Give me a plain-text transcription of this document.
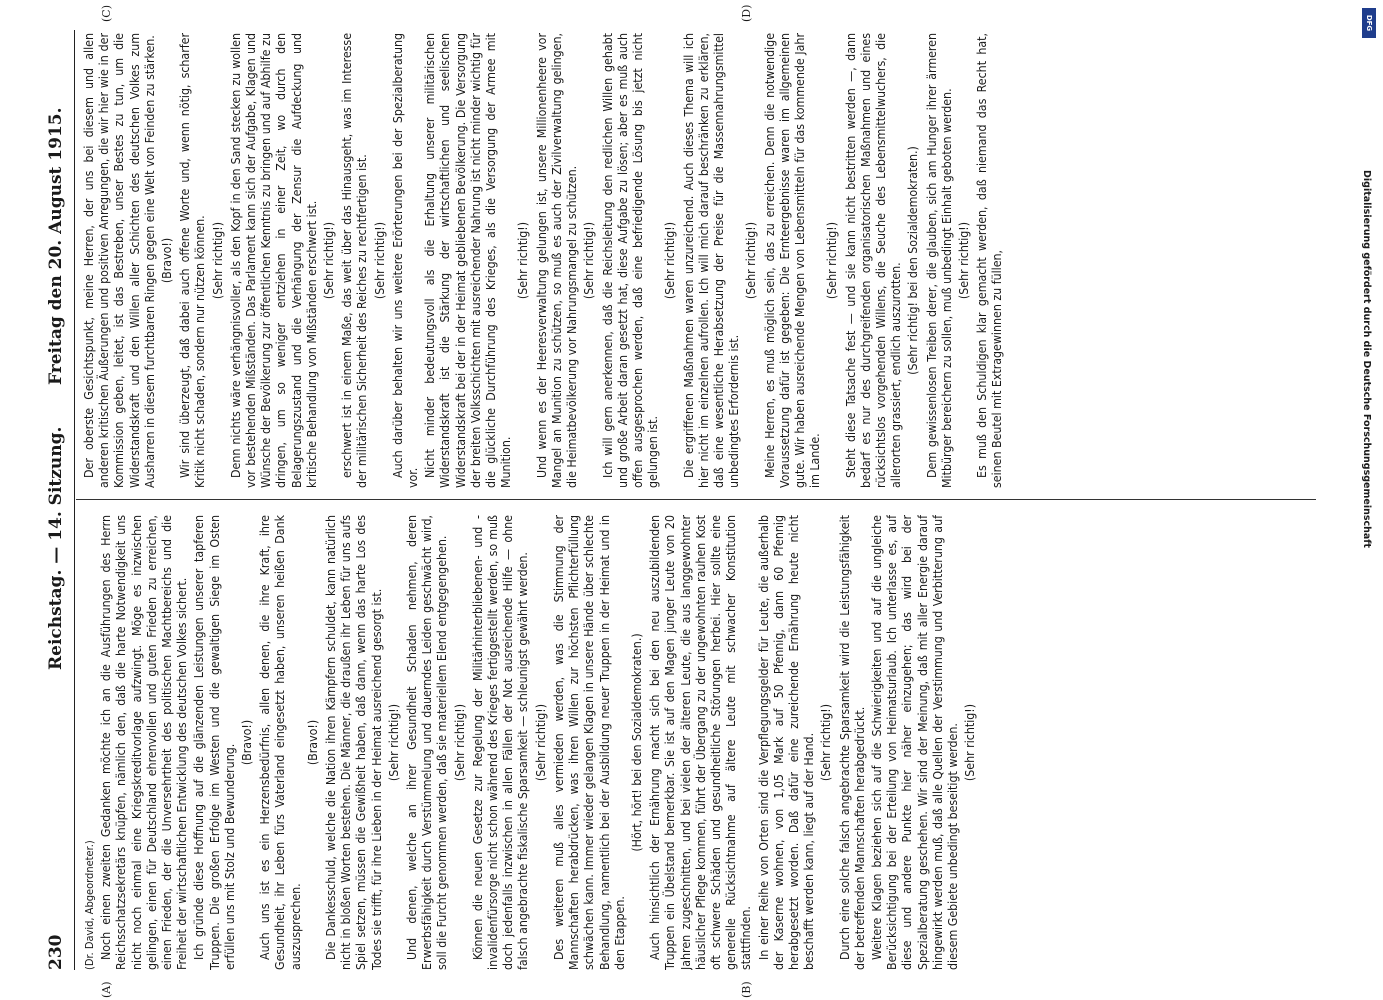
230
Reichstag. — 14. Sitzung.
Freitag den 20. August 1915.
(A)	(B)
(C)	(D)
(Dr. David, Abgeordneter.) Noch einen zweiten Gedanken möchte ich an die Ausführungen des Herrn Reichsschatzsekretärs knüpfen, nämlich den, daß die harte Notwendigkeit uns nicht noch einmal eine Kriegskreditvorlage aufzwingt. Möge es inzwischen gelingen, einen für Deutschland ehrenvollen und guten Frieden zu erreichen, einen Frieden, der die Unversehrtheit des politischen Machtbereichs und die Freiheit der wirtschaftlichen Entwicklung des deutschen Volkes sichert. Ich gründe diese Hoffnung auf die glänzenden Leistungen unserer tapferen Truppen. Die großen Erfolge im Westen und die gewaltigen Siege im Osten erfüllen uns mit Stolz und Bewunderung.

(Bravo!) Auch uns ist es ein Herzensbedürfnis, allen denen, die ihre Kraft, ihre Gesundheit, ihr Leben fürs Vaterland eingesetzt haben, unseren heißen Dank auszusprechen.

(Bravo!) Die Dankesschuld, welche die Nation ihren Kämpfern schuldet, kann natürlich nicht in bloßen Worten bestehen. Die Männer, die draußen ihr Leben für uns aufs Spiel setzen, müssen die Gewißheit haben, daß dann, wenn das harte Los des Todes sie trifft, für ihre Lieben in der Heimat ausreichend gesorgt ist. (Sehr richtig!) Und denen, welche an ihrer Gesundheit Schaden nehmen, deren Erwerbsfähigkeit durch Verstümmelung und dauerndes Leiden geschwächt wird, soll die Furcht genommen werden, daß sie materiellem Elend entgegengehen. (Sehr richtig!) Können die neuen Gesetze zur Regelung der Militärhinterbliebenen- und -invalidenfürsorge nicht schon während des Krieges fertiggestellt werden, so muß doch jedenfalls inzwischen in allen Fällen der Not ausreichende Hilfe — ohne falsch angebrachte fiskalische Sparsamkeit — schleunigst gewährt werden. (Sehr richtig!) Des weiteren muß alles vermieden werden, was die Stimmung der Mannschaften herabdrücken, was ihren Willen zur höchsten Pflichterfüllung schwächen kann. Immer wieder gelangen Klagen in unsere Hände über schlechte Behandlung, namentlich bei der Ausbildung neuer Truppen in der Heimat und in den Etappen.

(Hört, hört! bei den Sozialdemokraten.) Auch hinsichtlich der Ernährung macht sich bei den neu auszubildenden Truppen ein Übelstand bemerkbar. Sie ist auf den Magen junger Leute von 20 Jahren zugeschnitten, und bei vielen der älteren Leute, die aus langgewohnter häuslicher Pflege kommen, führt der Übergang zu der ungewohnten rauhen Kost oft schwere Schäden und gesundheitliche Störungen herbei. Hier sollte eine generelle Rücksichtnahme auf ältere Leute mit schwacher Konstitution stattfinden. In einer Reihe von Orten sind die Verpflegungsgelder für Leute, die außerhalb der Kaserne wohnen, von 1,05 Mark auf 50 Pfennig, dann 60 Pfennig herabgesetzt worden. Daß dafür eine zureichende Ernährung heute nicht beschafft werden kann, liegt auf der Hand. (Sehr richtig!) Durch eine solche falsch angebrachte Sparsamkeit wird die Leistungsfähigkeit der betreffenden Mannschaften herabgedrückt. Weitere Klagen beziehen sich auf die Schwierigkeiten und auf die ungleiche Berücksichtigung bei der Erteilung von Heimatsurlaub. Ich unterlasse es, auf diese und andere Punkte hier näher einzugehen; das wird bei der Spezialberatung geschehen. Wir sind der Meinung, daß mit aller Energie darauf hingewirkt werden muß, daß alle Quellen der Verstimmung und Verbitterung auf diesem Gebiete unbedingt beseitigt werden. (Sehr richtig!)

Der oberste Gesichtspunkt, meine Herren, der uns bei diesem und allen anderen kritischen Äußerungen und positiven Anregungen, die wir hier wie in der Kommission geben, leitet, ist das Bestreben, unser Bestes zu tun, um die Widerstandskraft und den Willen aller Schichten des deutschen Volkes zum Ausharren in diesem furchtbaren Ringen gegen eine Welt von Feinden zu stärken. (Bravo!) Wir sind überzeugt, daß dabei auch offene Worte und, wenn nötig, scharfer Kritik nicht schaden, sondern nur nützen können. (Sehr richtig!) Denn nichts wäre verhängnisvoller, als den Kopf in den Sand stecken zu wollen vor bestehenden Mißständen. Das Parlament kann sich der Aufgabe, Klagen und Wünsche der Bevölkerung zur öffentlichen Kenntnis zu bringen und auf Abhilfe zu dringen, um so weniger entziehen in einer Zeit, wo durch den Belagerungszustand und die Verhängung der Zensur die Aufdeckung und kritische Behandlung von Mißständen erschwert ist. (Sehr richtig!) erschwert ist in einem Maße, das weit über das Hinausgeht, was im Interesse der militärischen Sicherheit des Reiches zu rechtfertigen ist. (Sehr richtig!) Auch darüber behalten wir uns weitere Erörterungen bei der Spezialberatung vor. Nicht minder bedeutungsvoll als die Erhaltung unserer militärischen Widerstandskraft ist die Stärkung der wirtschaftlichen und seelischen Widerstandskraft bei der in der Heimat gebliebenen Bevölkerung. Die Versorgung der breiten Volksschichten mit ausreichender Nahrung ist nicht minder wichtig für die glückliche Durchführung des Krieges, als die Versorgung der Armee mit Munition.

(Sehr richtig!) Und wenn es der Heeresverwaltung gelungen ist, unsere Millionenheere vor Mangel an Munition zu schützen, so muß es auch der Zivilverwaltung gelingen, die Heimatbevölkerung vor Nahrungsmangel zu schützen. (Sehr richtig!) Ich will gern anerkennen, daß die Reichsleitung den redlichen Willen gehabt und große Arbeit daran gesetzt hat, diese Aufgabe zu lösen; aber es muß auch offen ausgesprochen werden, daß eine befriedigende Lösung bis jetzt nicht gelungen ist.

(Sehr richtig!) Die ergriffenen Maßnahmen waren unzureichend. Auch dieses Thema will ich hier nicht im einzelnen aufrollen. Ich will mich darauf beschränken zu erklären, daß eine wesentliche Herabsetzung der Preise für die Massennahrungsmittel unbedingtes Erfordernis ist.

(Sehr richtig!) Meine Herren, es muß möglich sein, das zu erreichen. Denn die notwendige Voraussetzung dafür ist gegeben: Die Ernteergebnisse waren im allgemeinen gute. Wir haben ausreichende Mengen von Lebensmitteln für das kommende Jahr im Lande.

(Sehr richtig!) Steht diese Tatsache fest — und sie kann nicht bestritten werden —, dann bedarf es nur des durchgreifenden organisatorischen Maßnahmen und eines rücksichtslos vorgehenden Willens, die Seuche des Lebensmittelwuchers, die allerorten grassiert, endlich auszurotten.

(Sehr richtig! bei den Sozialdemokraten.) Dem gewissenlosen Treiben derer, die glauben, sich am Hunger ihrer ärmeren Mitbürger bereichern zu sollen, muß unbedingt Einhalt geboten werden. (Sehr richtig!) Es muß den Schuldigen klar gemacht werden, daß niemand das Recht hat, seinen Beutel mit Extragewinnen zu füllen,	Digitalisierung gefördert durch die Deutsche Forschungsgemeinschaft
DFG
